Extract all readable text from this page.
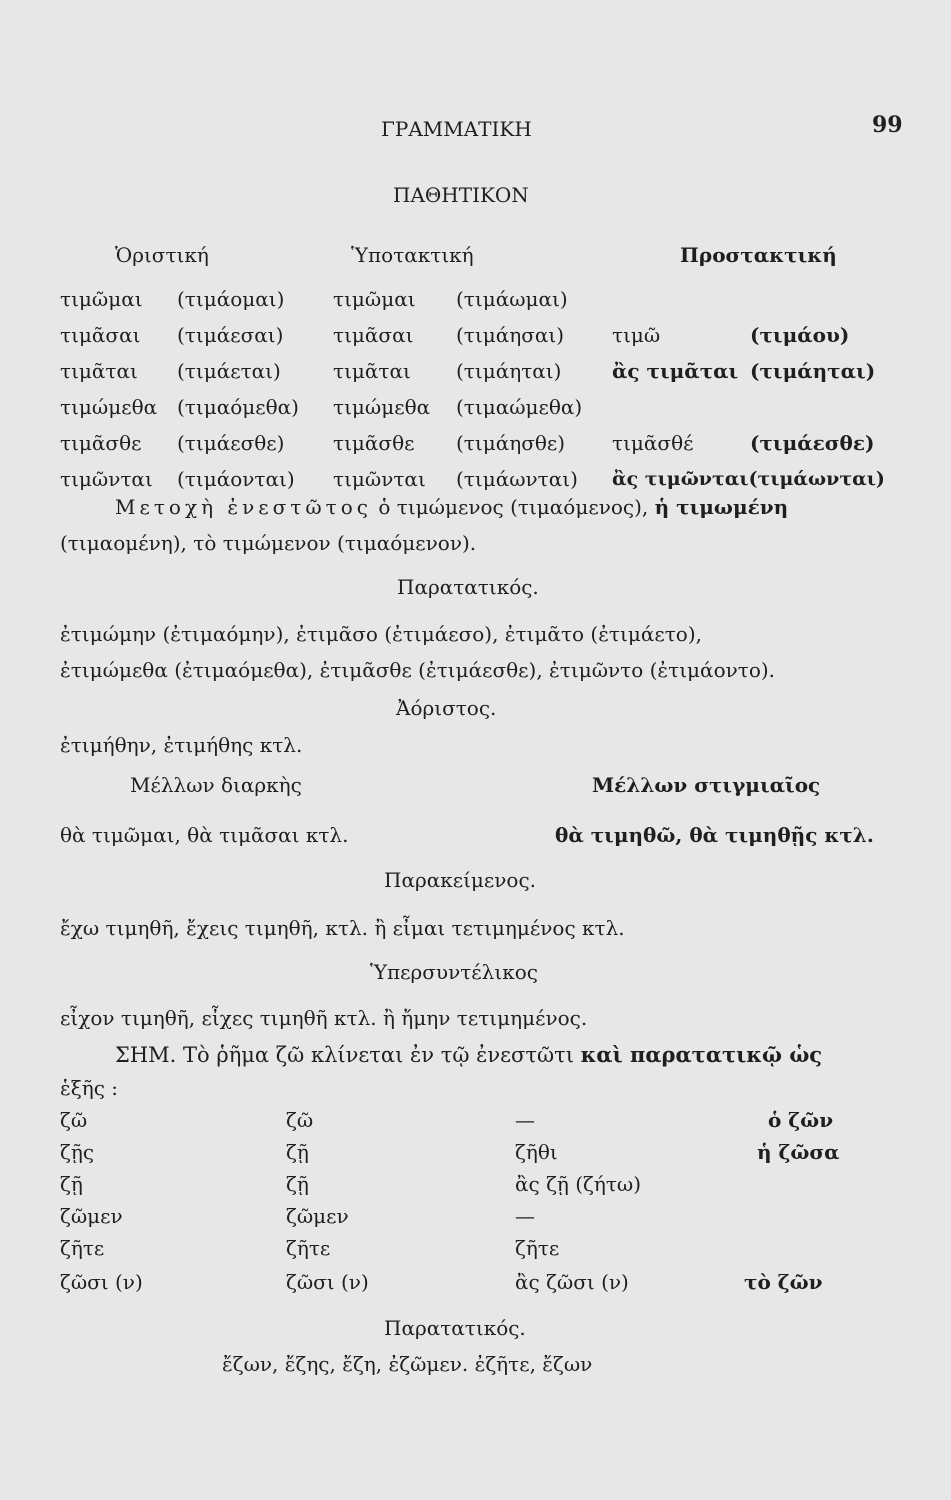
ΓΡΑΜΜΑΤΙΚΗ	99
ΠΑΘΗΤΙΚΟΝ
Ὁριστική	Ὑποτακτική	Προστακτική
τιμῶμαι (τιμάομαι) τιμῶμαι (τιμάωμαι)
τιμᾶσαι (τιμάεσαι) τιμᾶσαι (τιμάησαι) τιμῶ	(τιμάου)
τιμᾶται (τιμάεται)	τιμᾶται (τιμάηται)	ἂς τιμᾶται (τιμάηται)
τιμώμεθα (τιμαόμεθα) τιμώμεθα (τιμαώμεθα)
τιμᾶσθε (τιμάεσθε) τιμᾶσθε (τιμάησθε) τιμᾶσθέ	(τιμάεσθε)
τιμῶνται (τιμάονται) τιμῶνται (τιμάωνται) ἂς τιμῶνται(τιμάωνται)
Μετοχὴ ἐνεστῶτος ὁ τιμώμενος (τιμαόμενος), ἡ τιμωμένη
(τιμαομένη), τὸ τιμώμενον (τιμαόμενον).
Παρατατικός.
ἐτιμώμην (ἐτιμαόμην), ἐτιμᾶσο (ἐτιμάεσο), ἐτιμᾶτο (ἐτιμάετο),
ἐτιμώμεθα (ἐτιμαόμεθα), ἐτιμᾶσθε (ἐτιμάεσθε), ἐτιμῶντο (ἐτιμάοντο).
Ἀόριστος.
ἐτιμήθην, ἐτιμήθης κτλ.
Μέλλων διαρκὴς	Μέλλων στιγμιαῖος
θὰ τιμῶμαι, θὰ τιμᾶσαι κτλ.	θὰ τιμηθῶ, θὰ τιμηθῇς κτλ.
Παρακείμενος.
ἔχω τιμηθῆ, ἔχεις τιμηθῆ, κτλ. ἢ εἶμαι τετιμημένος κτλ.
Ὑπερσυντέλικος
εἶχον τιμηθῆ, εἶχες τιμηθῆ κτλ. ἢ ἤμην τετιμημένος.
ΣΗΜ. Τὸ ῥῆμα ζῶ κλίνεται ἐν τῷ ἐνεστῶτι καὶ παρατατικῷ ὡς
ἑξῆς :
ζῶ	ζῶ	—	ὁ ζῶν
ζῇς	ζῇ	ζῆθι	ἡ ζῶσα
ζῇ	ζῇ	ἂς ζῇ (ζήτω)
ζῶμεν	ζῶμεν	—
ζῆτε	ζῆτε	ζῆτε
ζῶσι (ν)	ζῶσι (ν)	ἂς ζῶσι (ν)	τὸ ζῶν
Παρατατικός.
ἔζων, ἔζης, ἔζη, ἐζῶμεν. ἐζῆτε, ἔζων
